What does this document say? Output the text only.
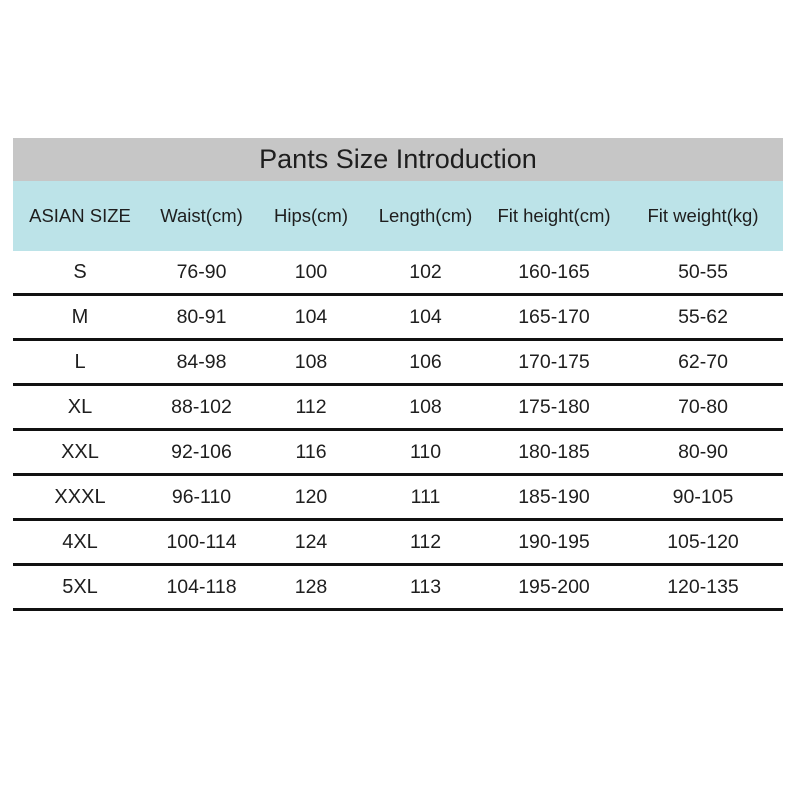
Pants Size Introduction
ASIAN SIZE	Waist(cm)	Hips(cm)	Length(cm)	Fit height(cm)	Fit weight(kg)
S	76-90	100	102	160-165	50-55
M	80-91	104	104	165-170	55-62
L	84-98	108	106	170-175	62-70
XL	88-102	112	108	175-180	70-80
XXL	92-106	116	110	180-185	80-90
XXXL	96-110	120	111	185-190	90-105
4XL	100-114	124	112	190-195	105-120
5XL	104-118	128	113	195-200	120-135
